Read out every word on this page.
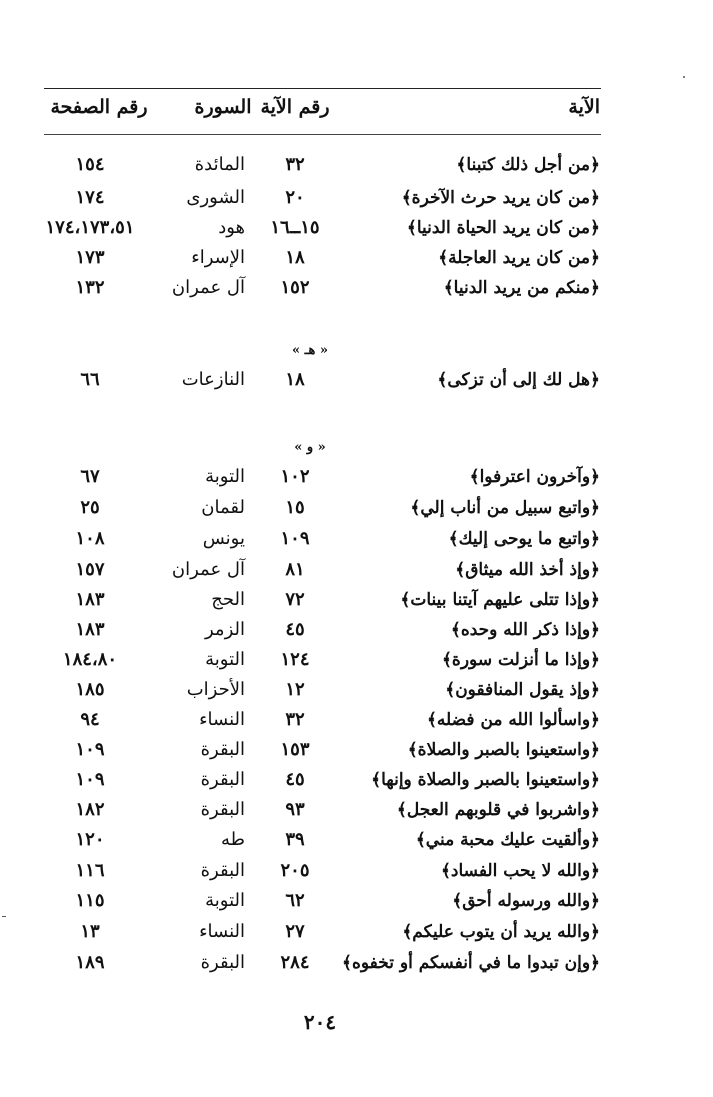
الآية
رقم الآية
السورة
رقم الصفحة
﴿من أجل ذلك كتبنا﴾
٣٢
المائدة
١٥٤
﴿من كان يريد حرث الآخرة﴾
٢٠
الشورى
١٧٤
﴿من كان يريد الحياة الدنيا﴾
١٥ــ١٦
هود
١٧٤،١٧٣،٥١
﴿من كان يريد العاجلة﴾
١٨
الإسراء
١٧٣
﴿منكم من يريد الدنيا﴾
١٥٢
آل عمران
١٣٢
« هـ »
﴿هل لك إلى أن تزكى﴾
١٨
النازعات
٦٦
« و »
﴿وآخرون اعترفوا﴾
١٠٢
التوبة
٦٧
﴿واتبع سبيل من أناب إلي﴾
١٥
لقمان
٢٥
﴿واتبع ما يوحى إليك﴾
١٠٩
يونس
١٠٨
﴿وإذ أخذ الله ميثاق﴾
٨١
آل عمران
١٥٧
﴿وإذا تتلى عليهم آيتنا بينات﴾
٧٢
الحج
١٨٣
﴿وإذا ذكر الله وحده﴾
٤٥
الزمر
١٨٣
﴿وإذا ما أنزلت سورة﴾
١٢٤
التوبة
١٨٤،٨٠
﴿وإذ يقول المنافقون﴾
١٢
الأحزاب
١٨٥
﴿واسألوا الله من فضله﴾
٣٢
النساء
٩٤
﴿واستعينوا بالصبر والصلاة﴾
١٥٣
البقرة
١٠٩
﴿واستعينوا بالصبر والصلاة وإنها﴾
٤٥
البقرة
١٠٩
﴿واشربوا في قلوبهم العجل﴾
٩٣
البقرة
١٨٢
﴿وألقيت عليك محبة مني﴾
٣٩
طه
١٢٠
﴿والله لا يحب الفساد﴾
٢٠٥
البقرة
١١٦
﴿والله ورسوله أحق﴾
٦٢
التوبة
١١٥
﴿والله يريد أن يتوب عليكم﴾
٢٧
النساء
١٣
﴿وإن تبدوا ما في أنفسكم أو تخفوه﴾
٢٨٤
البقرة
١٨٩
٢٠٤
